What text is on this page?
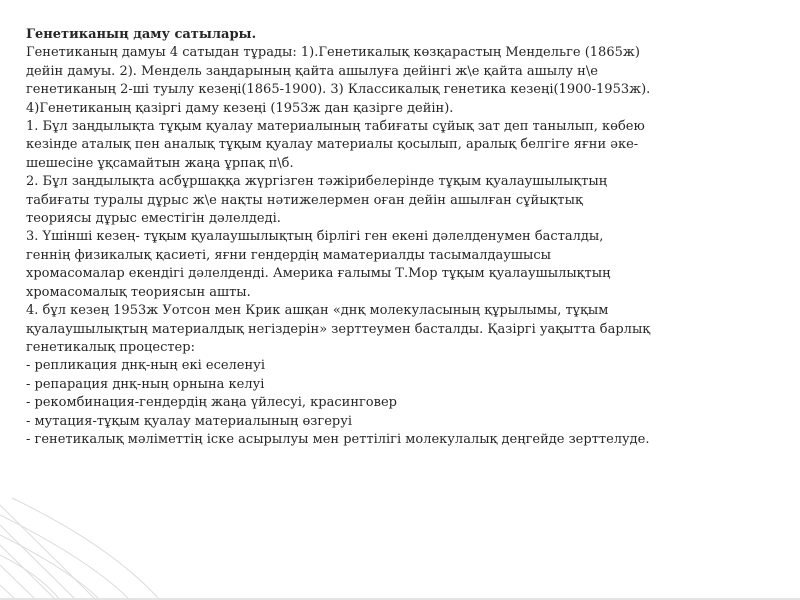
Генетиканың даму сатылары.

Генетиканың дамуы 4 сатыдан тұрады: 1).Генетикалық көзқарастың Мендельге (1865ж)

дейін дамуы. 2). Мендель заңдарының қайта ашылуға дейінгі ж\е қайта ашылу н\е

генетиканың 2-ші туылу кезеңі(1865-1900). 3) Классикалық генетика кезеңі(1900-1953ж).

4)Генетиканың қазіргі даму кезеңі (1953ж дан қазірге дейін).

1. Бұл заңдылықта тұқым қуалау материалының табиғаты сұйық зат деп танылып, көбею

кезінде аталық пен аналық тұқым қуалау материалы қосылып, аралық белгіге яғни әке-

шешесіне ұқсамайтын жаңа ұрпақ п\б.

2. Бұл заңдылықта асбұршаққа жүргізген тәжірибелерінде тұқым қуалаушылықтың

табиғаты туралы дұрыс ж\е нақты нәтижелермен оған дейін ашылған сұйықтық

теориясы дұрыс еместігін дәлелдеді.

3. Үшінші кезең- тұқым қуалаушылықтың бірлігі ген екені дәлелденумен басталды,

геннің физикалық қасиеті, яғни гендердің маматериалды тасымалдаушысы

хромасомалар екендігі дәлелденді. Америка ғалымы Т.Мор тұқым қуалаушылықтың

хромасомалық теориясын ашты.

4. бұл кезең 1953ж Уотсон мен Крик ашқан «днқ молекуласының құрылымы, тұқым

қуалаушылықтың материалдық негіздерін» зерттеумен басталды. Қазіргі уақытта барлық

генетикалық процестер:

- репликация днқ-ның екі еселенуі

- репарация днқ-ның орнына келуі

- рекомбинация-гендердің жаңа үйлесуі, красинговер

- мутация-тұқым қуалау материалының өзгеруі

- генетикалық мәліметтің іске асырылуы мен реттілігі молекулалық деңгейде зерттелуде.
